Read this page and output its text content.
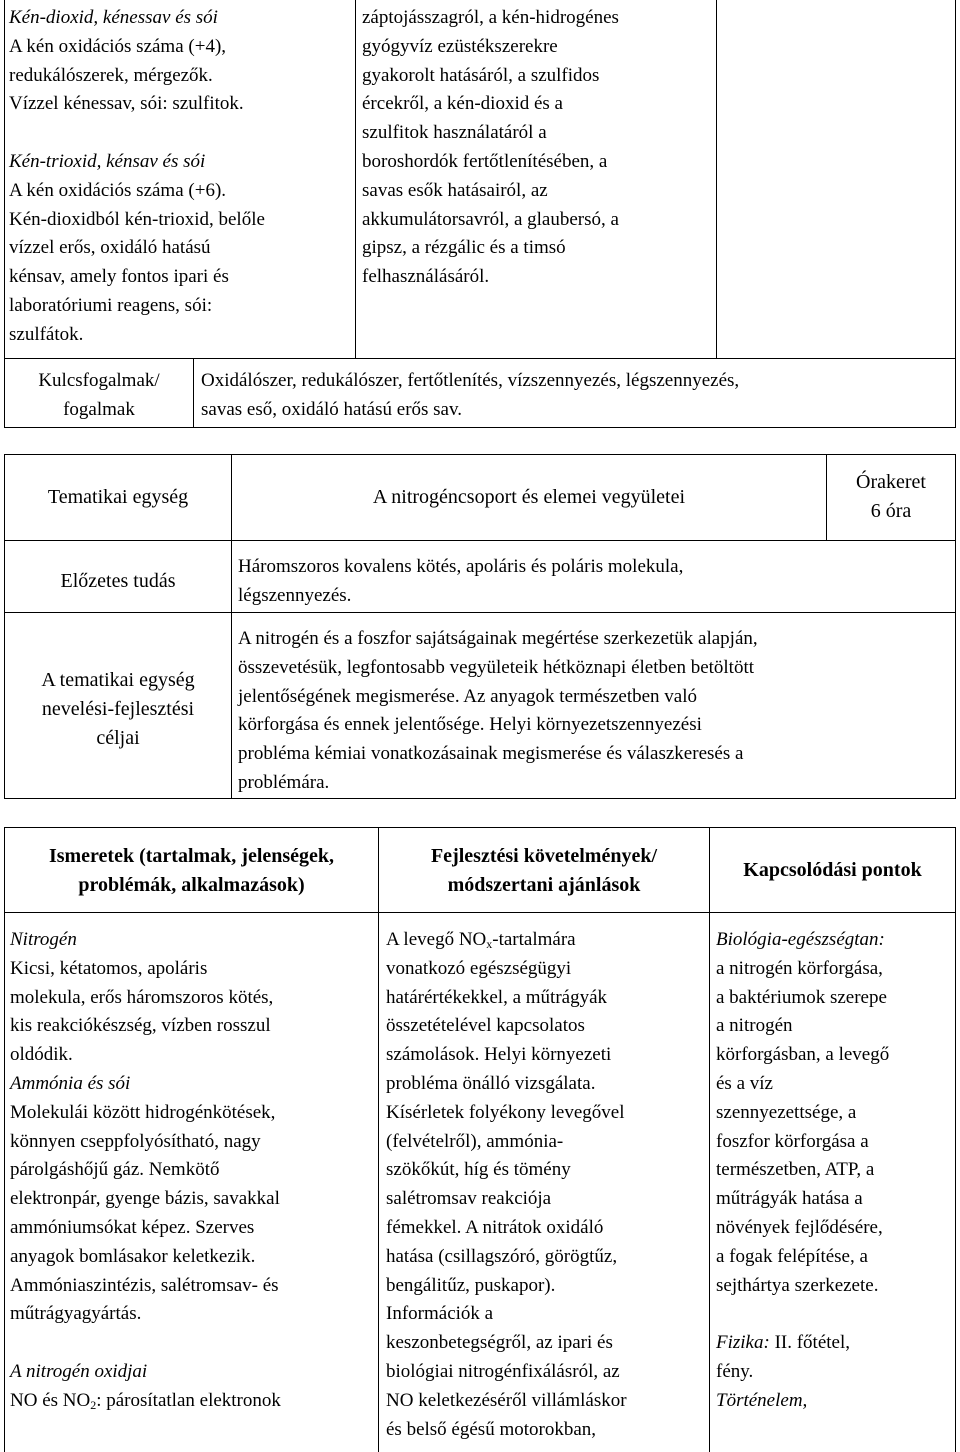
Kén-dioxid, kénessav és sói
A kén oxidációs száma (+4),
redukálószerek, mérgezők.
Vízzel kénessav, sói: szulfitok.
Kén-trioxid, kénsav és sói
A kén oxidációs száma (+6).
Kén-dioxidból kén-trioxid, belőle
vízzel erős, oxidáló hatású
kénsav, amely fontos ipari és
laboratóriumi reagens, sói:
szulfátok.
záptojásszagról, a kén-hidrogénes
gyógyvíz ezüstékszerekre
gyakorolt hatásáról, a szulfidos
ércekről, a kén-dioxid és a
szulfitok használatáról a
boroshordók fertőtlenítésében, a
savas esők hatásairól, az
akkumulátorsavról, a glaubersó, a
gipsz, a rézgálic és a timsó
felhasználásáról.
Kulcsfogalmak/
fogalmak
Oxidálószer, redukálószer, fertőtlenítés, vízszennyezés, légszennyezés,
savas eső, oxidáló hatású erős sav.
Tematikai egység	A nitrogéncsoport és elemei vegyületei
Órakeret
6 óra
Előzetes tudás
Háromszoros kovalens kötés, apoláris és poláris molekula,
légszennyezés.
A tematikai egység
nevelési-fejlesztési
céljai
A nitrogén és a foszfor sajátságainak megértése szerkezetük alapján,
összevetésük, legfontosabb vegyületeik hétköznapi életben betöltött
jelentőségének megismerése. Az anyagok természetben való
körforgása és ennek jelentősége. Helyi környezetszennyezési
probléma kémiai vonatkozásainak megismerése és válaszkeresés a
problémára.
Ismeretek (tartalmak, jelenségek,
problémák, alkalmazások)
Fejlesztési követelmények/
módszertani ajánlások
Kapcsolódási pontok
Nitrogén
Kicsi, kétatomos, apoláris
molekula, erős háromszoros kötés,
kis reakciókészség, vízben rosszul
oldódik.
Ammónia és sói
Molekulái között hidrogénkötések,
könnyen cseppfolyósítható, nagy
párolgáshőjű gáz. Nemkötő
elektronpár, gyenge bázis, savakkal
ammóniumsókat képez. Szerves
anyagok bomlásakor keletkezik.
Ammóniaszintézis, salétromsav- és
műtrágyagyártás.
A nitrogén oxidjai
NO és $NO_2$: párosítatlan elektronok
A levegő $NO_x$-tartalmára
vonatkozó egészségügyi
határértékekkel, a műtrágyák
összetételével kapcsolatos
számolások. Helyi környezeti
probléma önálló vizsgálata.
Kísérletek folyékony levegővel
(felvételről), ammónia-
szökőkút, híg és tömény
salétromsav reakciója
fémekkel. A nitrátok oxidáló
hatása (csillagszóró, görögtűz,
bengálitűz, puskapor).
Információk a
keszonbetegségről, az ipari és
biológiai nitrogénfixálásról, az
NO keletkezéséről villámláskor
és belső égésű motorokban,
Biológia-egészségtan:
a nitrogén körforgása,
a baktériumok szerepe
a nitrogén
körforgásban, a levegő
és a víz
szennyezettsége, a
foszfor körforgása a
természetben, ATP, a
műtrágyák hatása a
növények fejlődésére,
a fogak felépítése, a
sejthártya szerkezete.
Fizika: II. főtétel,
fény.
Történelem,
